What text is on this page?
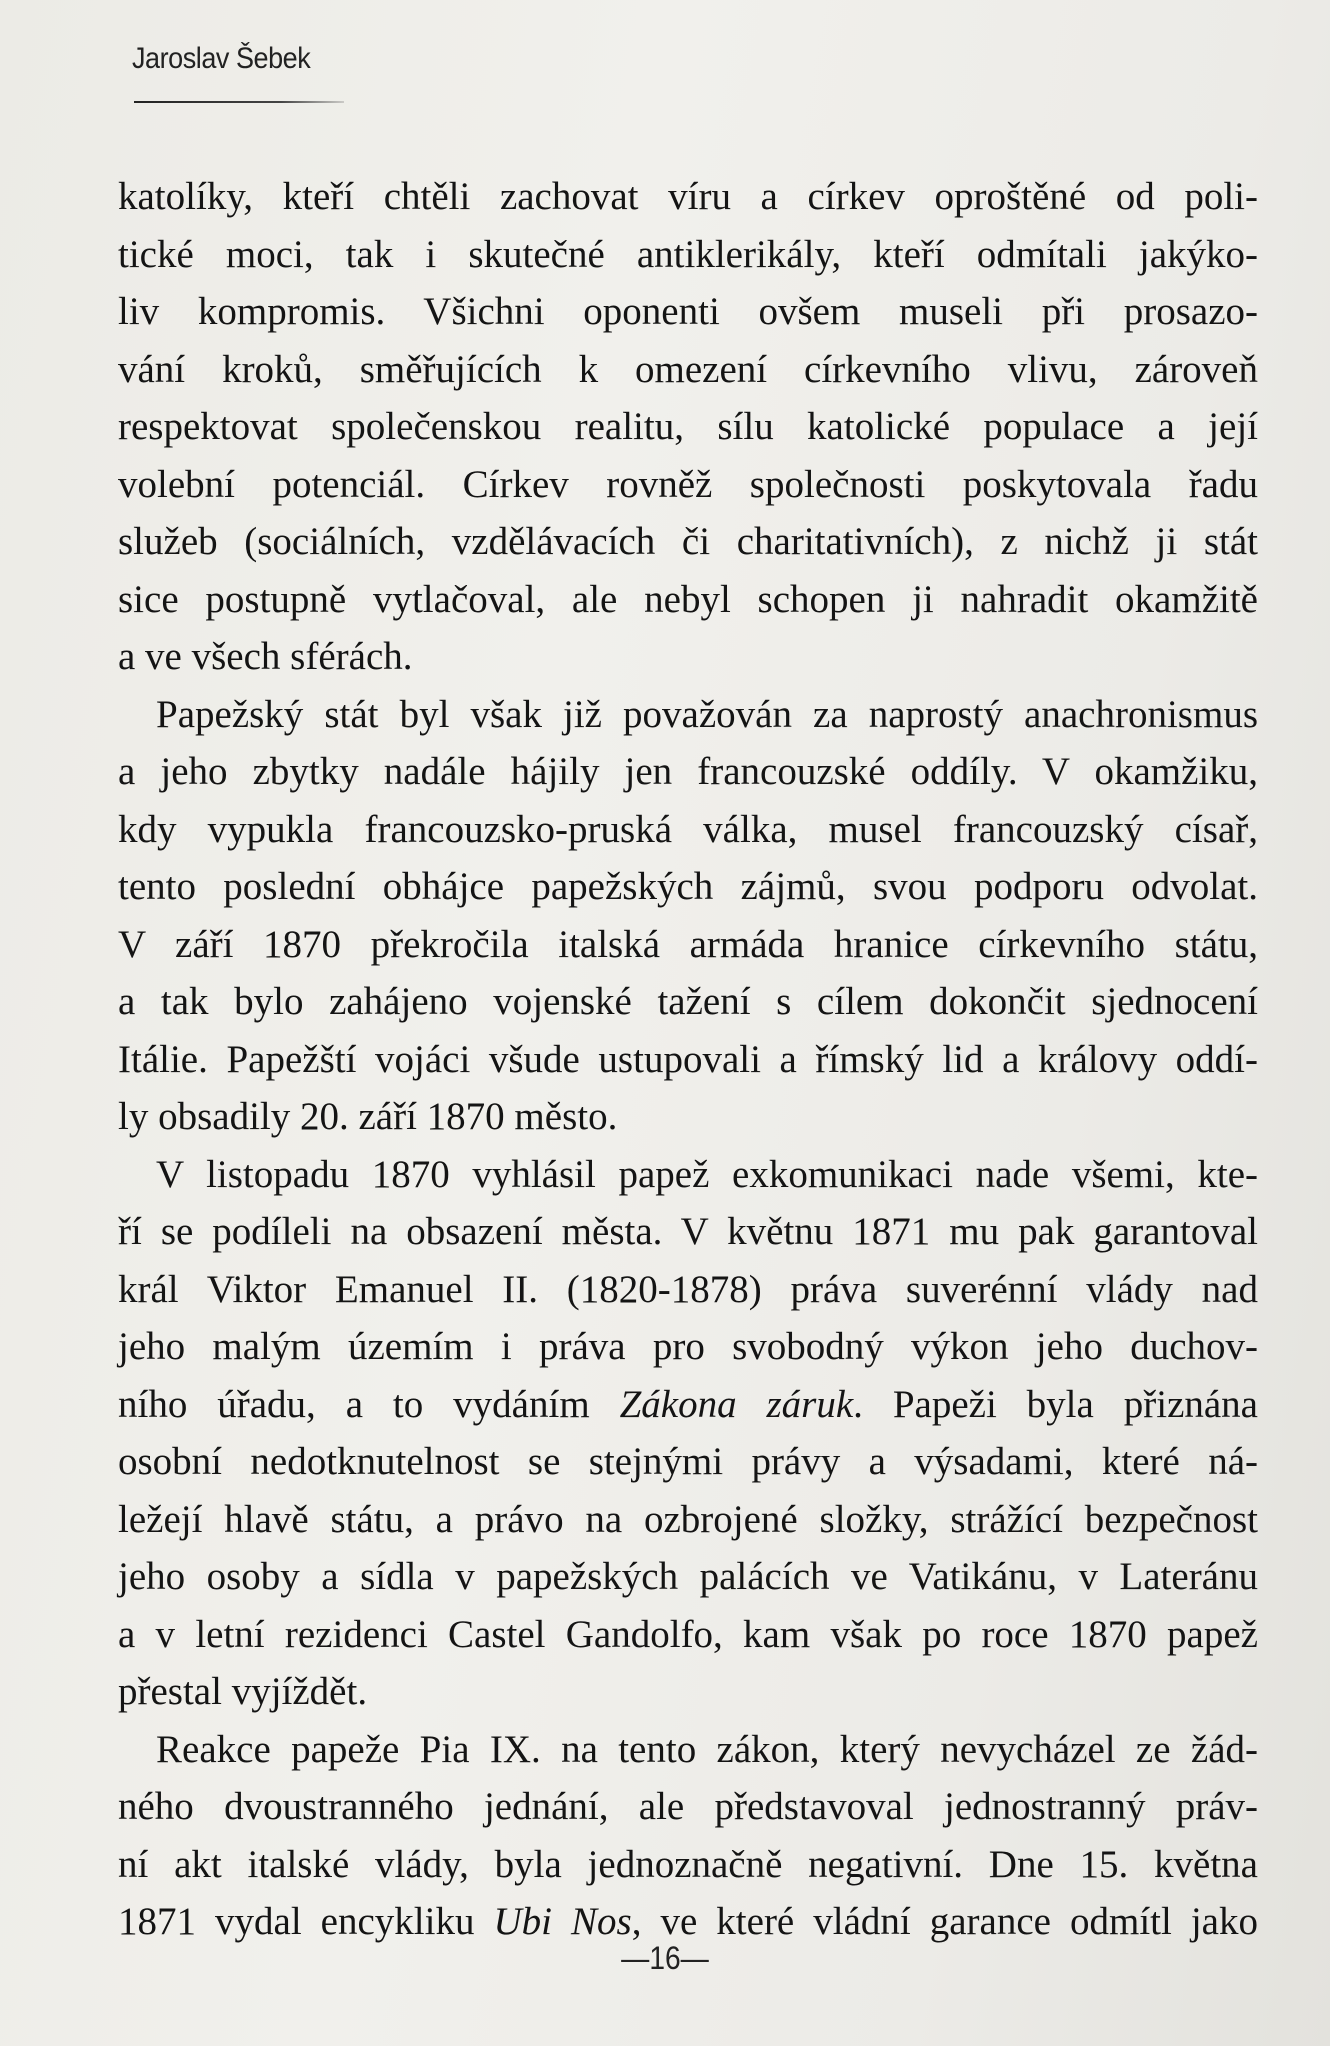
Jaroslav Šebek
katolíky, kteří chtěli zachovat víru a církev oproštěné od poli-
tické moci, tak i skutečné antiklerikály, kteří odmítali jakýko-
liv kompromis. Všichni oponenti ovšem museli při prosazo-
vání kroků, směřujících k omezení církevního vlivu, zároveň
respektovat společenskou realitu, sílu katolické populace a její
volební potenciál. Církev rovněž společnosti poskytovala řadu
služeb (sociálních, vzdělávacích či charitativních), z nichž ji stát
sice postupně vytlačoval, ale nebyl schopen ji nahradit okamžitě
a ve všech sférách.
Papežský stát byl však již považován za naprostý anachronismus
a jeho zbytky nadále hájily jen francouzské oddíly. V okamžiku,
kdy vypukla francouzsko-pruská válka, musel francouzský císař,
tento poslední obhájce papežských zájmů, svou podporu odvolat.
V září 1870 překročila italská armáda hranice církevního státu,
a tak bylo zahájeno vojenské tažení s cílem dokončit sjednocení
Itálie. Papežští vojáci všude ustupovali a římský lid a královy oddí-
ly obsadily 20. září 1870 město.
V listopadu 1870 vyhlásil papež exkomunikaci nade všemi, kte-
ří se podíleli na obsazení města. V květnu 1871 mu pak garantoval
král Viktor Emanuel II. (1820-1878) práva suverénní vlády nad
jeho malým územím i práva pro svobodný výkon jeho duchov-
ního úřadu, a to vydáním Zákona záruk. Papeži byla přiznána
osobní nedotknutelnost se stejnými právy a výsadami, které ná-
ležejí hlavě státu, a právo na ozbrojené složky, strážící bezpečnost
jeho osoby a sídla v papežských palácích ve Vatikánu, v Lateránu
a v letní rezidenci Castel Gandolfo, kam však po roce 1870 papež
přestal vyjíždět.
Reakce papeže Pia IX. na tento zákon, který nevycházel ze žád-
ného dvoustranného jednání, ale představoval jednostranný práv-
ní akt italské vlády, byla jednoznačně negativní. Dne 15. května
1871 vydal encykliku Ubi Nos, ve které vládní garance odmítl jako
—16—
